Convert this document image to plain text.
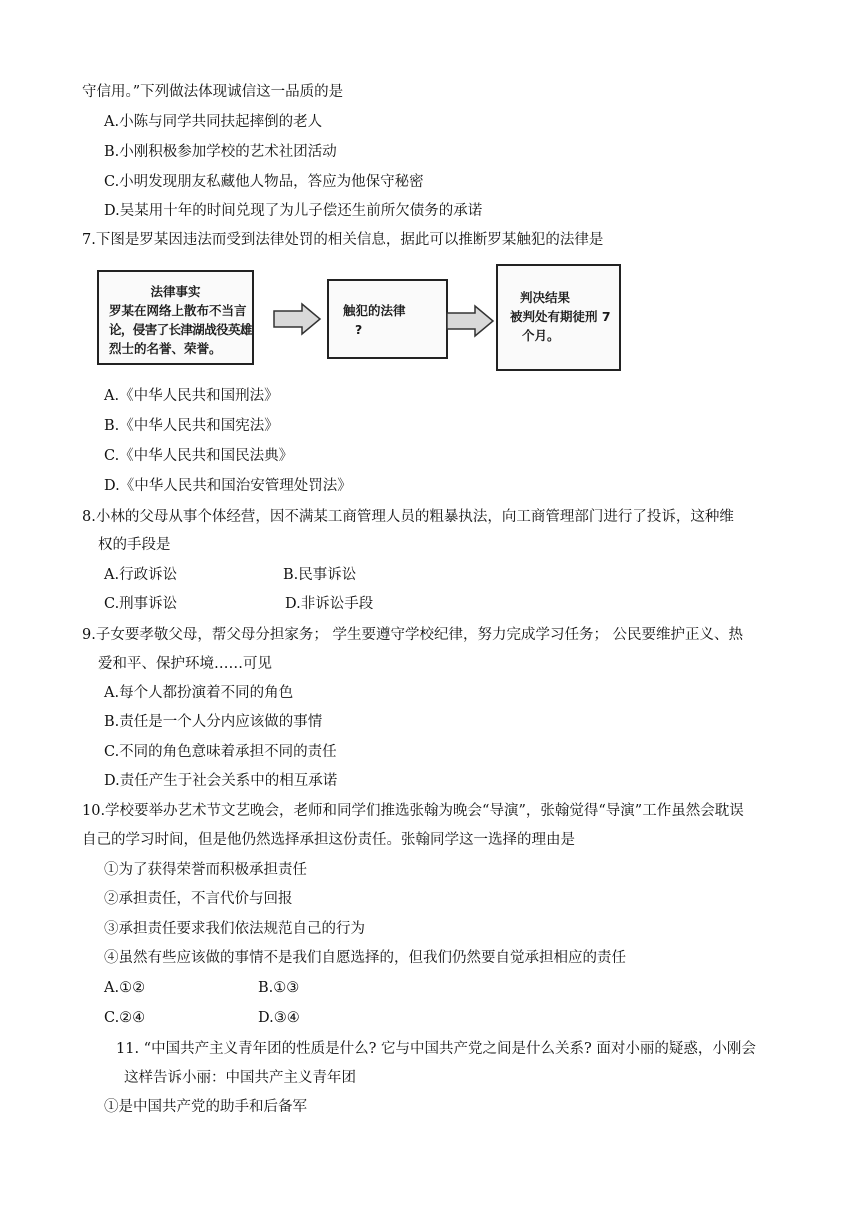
守信用。”下列做法体现诚信这一品质的是
A.小陈与同学共同扶起摔倒的老人
B.小刚积极参加学校的艺术社团活动
C.小明发现朋友私藏他人物品，答应为他保守秘密
D.吴某用十年的时间兑现了为儿子偿还生前所欠债务的承诺
7.下图是罗某因违法而受到法律处罚的相关信息，据此可以推断罗某触犯的法律是
法律事实
罗某在网络上散布不当言
论，侵害了长津湖战役英雄
烈士的名誉、荣誉。
触犯的法律
?
判决结果
被判处有期徒刑 7
个月。
A.《中华人民共和国刑法》
B.《中华人民共和国宪法》
C.《中华人民共和国民法典》
D.《中华人民共和国治安管理处罚法》
8.小林的父母从事个体经营，因不满某工商管理人员的粗暴执法，向工商管理部门进行了投诉，这种维
权的手段是
A.行政诉讼	B.民事诉讼
C.刑事诉讼	D.非诉讼手段
9.子女要孝敬父母，帮父母分担家务； 学生要遵守学校纪律，努力完成学习任务； 公民要维护正义、热
爱和平、保护环境……可见
A.每个人都扮演着不同的角色
B.责任是一个人分内应该做的事情
C.不同的角色意味着承担不同的责任
D.责任产生于社会关系中的相互承诺
10.学校要举办艺术节文艺晚会，老师和同学们推选张翰为晚会“导演”，张翰觉得“导演”工作虽然会耽误
自己的学习时间，但是他仍然选择承担这份责任。张翰同学这一选择的理由是
①为了获得荣誉而积极承担责任
②承担责任，不言代价与回报
③承担责任要求我们依法规范自己的行为
④虽然有些应该做的事情不是我们自愿选择的，但我们仍然要自觉承担相应的责任
A.①②	B.①③
C.②④	D.③④
11. “中国共产主义青年团的性质是什么? 它与中国共产党之间是什么关系? 面对小丽的疑惑，小刚会
这样告诉小丽：中国共产主义青年团
①是中国共产党的助手和后备军
